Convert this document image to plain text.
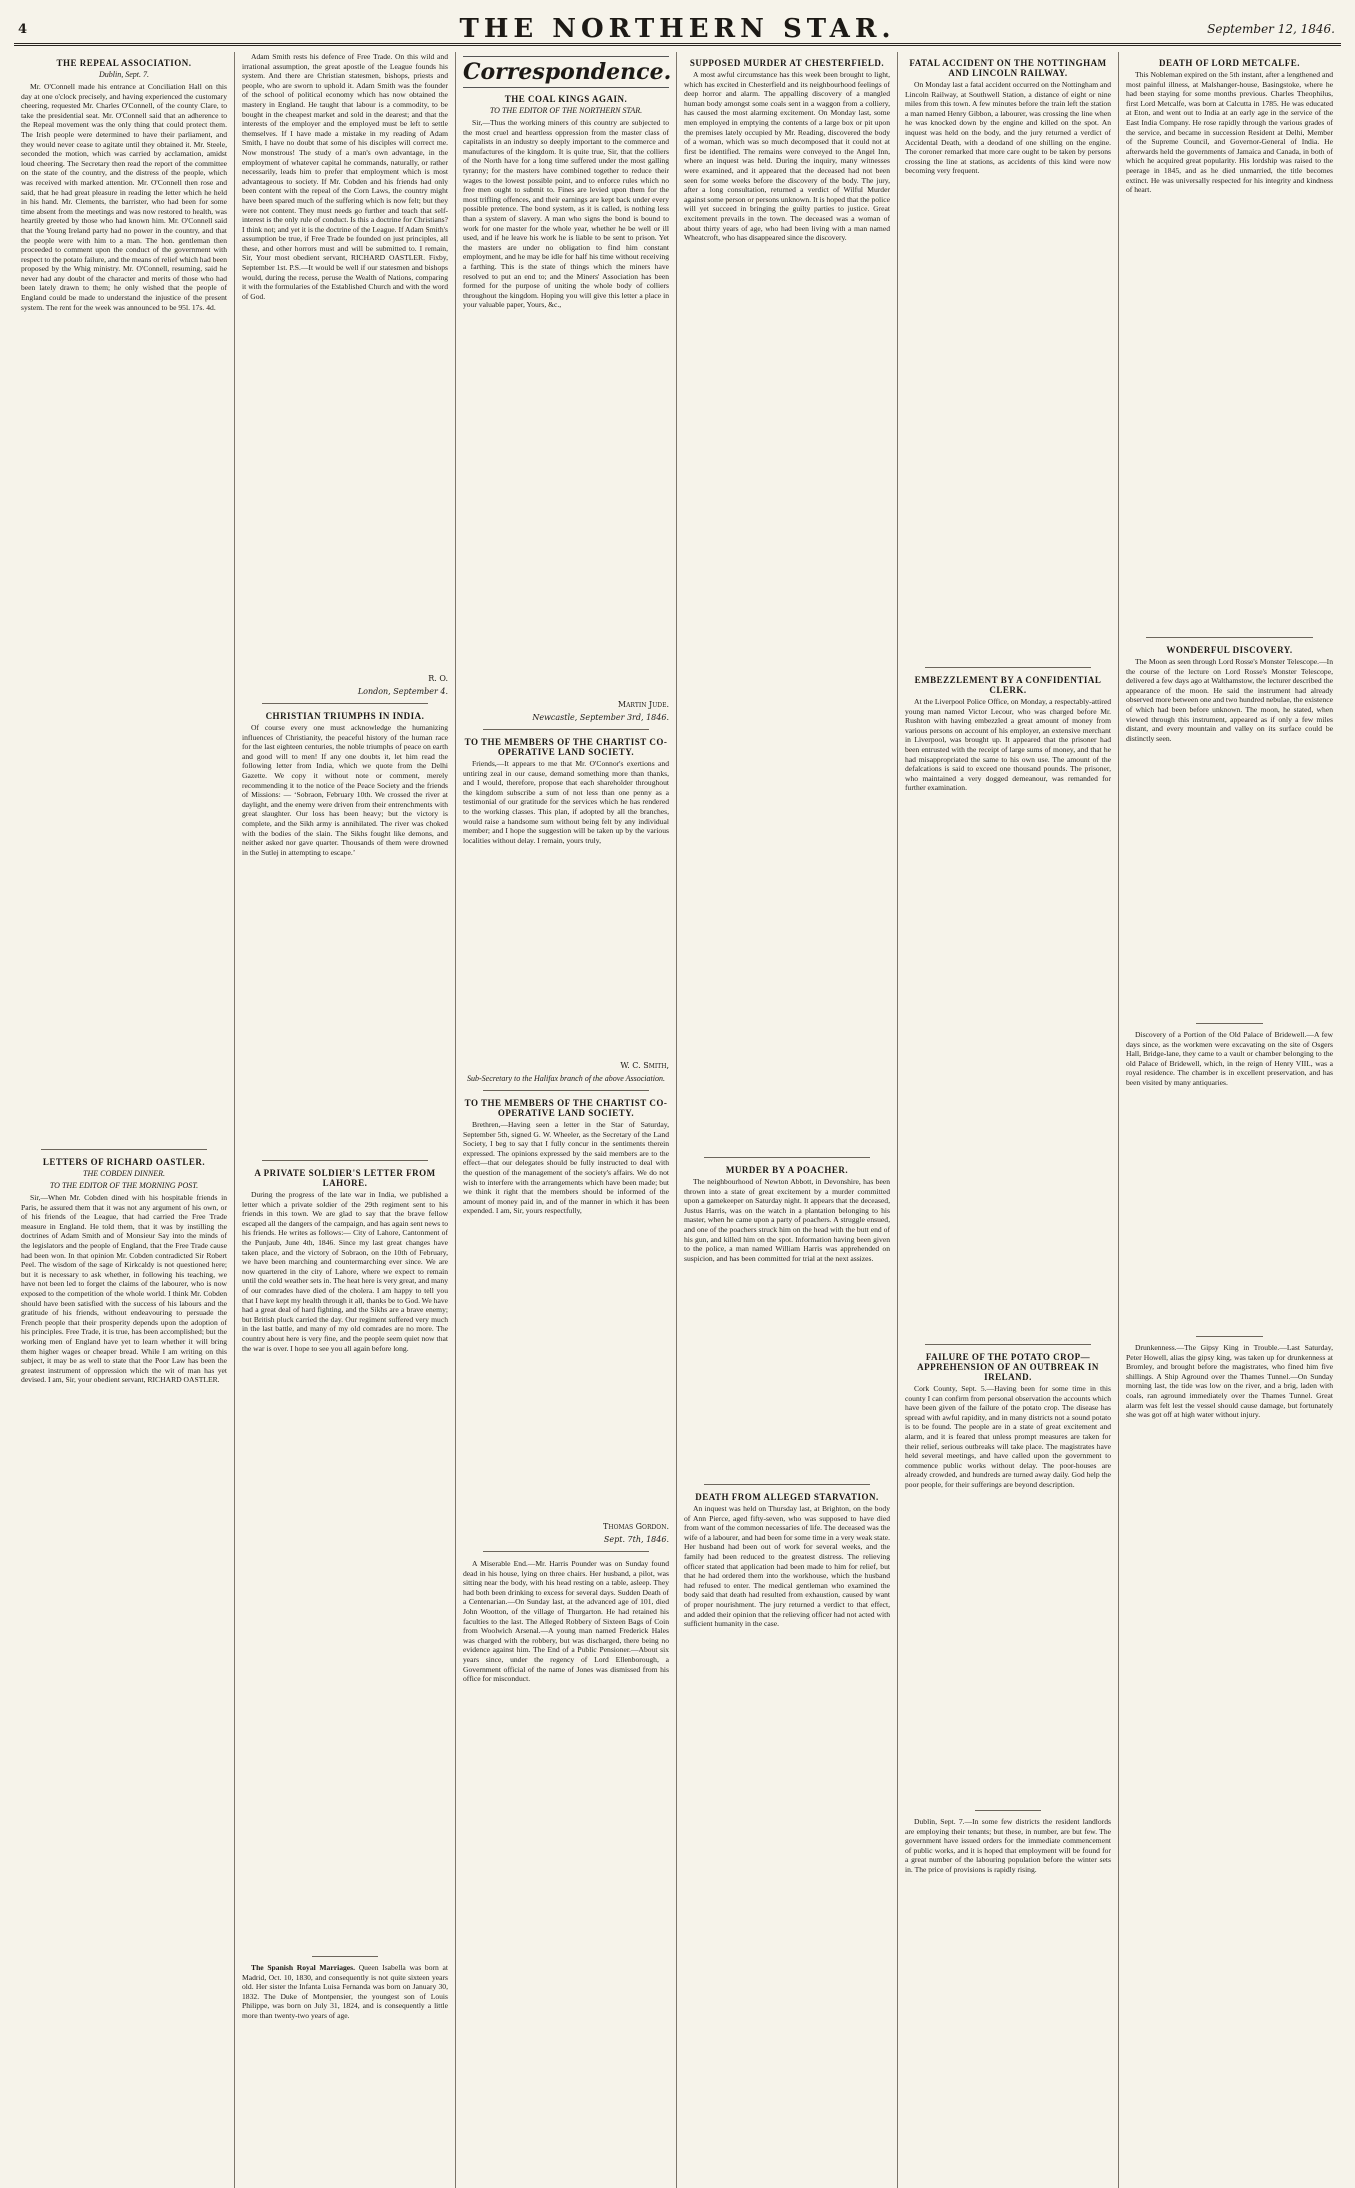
4	THE NORTHERN STAR.	September 12, 1846.
THE REPEAL ASSOCIATION.
Dublin, Sept. 7.

Mr. O'Connell made his entrance at Conciliation Hall on this day at one o'clock precisely, and having experienced the customary cheering, requested Mr. Charles O'Connell, of the county Clare, to take the presidential seat. Mr. O'Connell said that an adherence to the Repeal movement was the only thing that could protect them. The Irish people were determined to have their parliament, and they would never cease to agitate until they obtained it. Mr. Steele, seconded the motion, which was carried by acclamation, amidst loud cheering. The Secretary then read the report of the committee on the state of the country, and the distress of the people, which was received with marked attention. Mr. O'Connell then rose and said, that he had great pleasure in reading the letter which he held in his hand. Mr. Clements, the barrister, who had been for some time absent from the meetings and was now restored to health, was heartily greeted by those who had known him. Mr. O'Connell said that the Young Ireland party had no power in the country, and that the people were with him to a man. The hon. gentleman then proceeded to comment upon the conduct of the government with respect to the potato failure, and the means of relief which had been proposed by the Whig ministry. Mr. O'Connell, resuming, said he never had any doubt of the character and merits of those who had been lately drawn to them; he only wished that the people of England could be made to understand the injustice of the present system. The rent for the week was announced to be 95l. 17s. 4d.

LETTERS OF RICHARD OASTLER.
THE COBDEN DINNER.
TO THE EDITOR OF THE MORNING POST.

Sir,—When Mr. Cobden dined with his hospitable friends in Paris, he assured them that it was not any argument of his own, or of his friends of the League, that had carried the Free Trade measure in England. He told them, that it was by instilling the doctrines of Adam Smith and of Monsieur Say into the minds of the legislators and the people of England, that the Free Trade cause had been won. In that opinion Mr. Cobden contradicted Sir Robert Peel. The wisdom of the sage of Kirkcaldy is not questioned here; but it is necessary to ask whether, in following his teaching, we have not been led to forget the claims of the labourer, who is now exposed to the competition of the whole world. I think Mr. Cobden should have been satisfied with the success of his labours and the gratitude of his friends, without endeavouring to persuade the French people that their prosperity depends upon the adoption of his principles. Free Trade, it is true, has been accomplished; but the working men of England have yet to learn whether it will bring them higher wages or cheaper bread. While I am writing on this subject, it may be as well to state that the Poor Law has been the greatest instrument of oppression which the wit of man has yet devised. I am, Sir, your obedient servant, RICHARD OASTLER.

Adam Smith rests his defence of Free Trade. On this wild and irrational assumption, the great apostle of the League founds his system. And there are Christian statesmen, bishops, priests and people, who are sworn to uphold it. Adam Smith was the founder of the school of political economy which has now obtained the mastery in England. He taught that labour is a commodity, to be bought in the cheapest market and sold in the dearest; and that the interests of the employer and the employed must be left to settle themselves. If I have made a mistake in my reading of Adam Smith, I have no doubt that some of his disciples will correct me. Now monstrous! The study of a man's own advantage, in the employment of whatever capital he commands, naturally, or rather necessarily, leads him to prefer that employment which is most advantageous to society. If Mr. Cobden and his friends had only been content with the repeal of the Corn Laws, the country might have been spared much of the suffering which is now felt; but they were not content. They must needs go further and teach that self-interest is the only rule of conduct. Is this a doctrine for Christians? I think not; and yet it is the doctrine of the League. If Adam Smith's assumption be true, if Free Trade be founded on just principles, all these, and other horrors must and will be submitted to. I remain, Sir, Your most obedient servant, RICHARD OASTLER. Fixby, September 1st. P.S.—It would be well if our statesmen and bishops would, during the recess, peruse the Wealth of Nations, comparing it with the formularies of the Established Church and with the word of God.

R. O.
London, September 4.
CHRISTIAN TRIUMPHS IN INDIA.

Of course every one must acknowledge the humanizing influences of Christianity, the peaceful history of the human race for the last eighteen centuries, the noble triumphs of peace on earth and good will to men! If any one doubts it, let him read the following letter from India, which we quote from the Delhi Gazette. We copy it without note or comment, merely recommending it to the notice of the Peace Society and the friends of Missions: — ‘Sobraon, February 10th. We crossed the river at daylight, and the enemy were driven from their entrenchments with great slaughter. Our loss has been heavy; but the victory is complete, and the Sikh army is annihilated. The river was choked with the bodies of the slain. The Sikhs fought like demons, and neither asked nor gave quarter. Thousands of them were drowned in the Sutlej in attempting to escape.’

A PRIVATE SOLDIER'S LETTER FROM LAHORE.

During the progress of the late war in India, we published a letter which a private soldier of the 29th regiment sent to his friends in this town. We are glad to say that the brave fellow escaped all the dangers of the campaign, and has again sent news to his friends. He writes as follows:— City of Lahore, Cantonment of the Punjaub, June 4th, 1846. Since my last great changes have taken place, and the victory of Sobraon, on the 10th of February, we have been marching and countermarching ever since. We are now quartered in the city of Lahore, where we expect to remain until the cold weather sets in. The heat here is very great, and many of our comrades have died of the cholera. I am happy to tell you that I have kept my health through it all, thanks be to God. We have had a great deal of hard fighting, and the Sikhs are a brave enemy; but British pluck carried the day. Our regiment suffered very much in the last battle, and many of my old comrades are no more. The country about here is very fine, and the people seem quiet now that the war is over. I hope to see you all again before long.

The Spanish Royal Marriages. Queen Isabella was born at Madrid, Oct. 10, 1830, and consequently is not quite sixteen years old. Her sister the Infanta Luisa Fernanda was born on January 30, 1832. The Duke of Montpensier, the youngest son of Louis Philippe, was born on July 31, 1824, and is consequently a little more than twenty-two years of age.

Correspondence.
THE COAL KINGS AGAIN.
TO THE EDITOR OF THE NORTHERN STAR.

Sir,—Thus the working miners of this country are subjected to the most cruel and heartless oppression from the master class of capitalists in an industry so deeply important to the commerce and manufactures of the kingdom. It is quite true, Sir, that the colliers of the North have for a long time suffered under the most galling tyranny; for the masters have combined together to reduce their wages to the lowest possible point, and to enforce rules which no free men ought to submit to. Fines are levied upon them for the most trifling offences, and their earnings are kept back under every possible pretence. The bond system, as it is called, is nothing less than a system of slavery. A man who signs the bond is bound to work for one master for the whole year, whether he be well or ill used, and if he leave his work he is liable to be sent to prison. Yet the masters are under no obligation to find him constant employment, and he may be idle for half his time without receiving a farthing. This is the state of things which the miners have resolved to put an end to; and the Miners' Association has been formed for the purpose of uniting the whole body of colliers throughout the kingdom. Hoping you will give this letter a place in your valuable paper, Yours, &c.,

Martin Jude.
Newcastle, September 3rd, 1846.
TO THE MEMBERS OF THE CHARTIST CO-OPERATIVE LAND SOCIETY.

Friends,—It appears to me that Mr. O'Connor's exertions and untiring zeal in our cause, demand something more than thanks, and I would, therefore, propose that each shareholder throughout the kingdom subscribe a sum of not less than one penny as a testimonial of our gratitude for the services which he has rendered to the working classes. This plan, if adopted by all the branches, would raise a handsome sum without being felt by any individual member; and I hope the suggestion will be taken up by the various localities without delay. I remain, yours truly,

W. C. Smith,
Sub-Secretary to the Halifax branch of the above Association.
TO THE MEMBERS OF THE CHARTIST CO-OPERATIVE LAND SOCIETY.

Brethren,—Having seen a letter in the Star of Saturday, September 5th, signed G. W. Wheeler, as the Secretary of the Land Society, I beg to say that I fully concur in the sentiments therein expressed. The opinions expressed by the said members are to the effect—that our delegates should be fully instructed to deal with the question of the management of the society's affairs. We do not wish to interfere with the arrangements which have been made; but we think it right that the members should be informed of the amount of money paid in, and of the manner in which it has been expended. I am, Sir, yours respectfully,

Thomas Gordon.
Sept. 7th, 1846.

A Miserable End.—Mr. Harris Pounder was on Sunday found dead in his house, lying on three chairs. Her husband, a pilot, was sitting near the body, with his head resting on a table, asleep. They had both been drinking to excess for several days. Sudden Death of a Centenarian.—On Sunday last, at the advanced age of 101, died John Wootton, of the village of Thurgarton. He had retained his faculties to the last. The Alleged Robbery of Sixteen Bags of Coin from Woolwich Arsenal.—A young man named Frederick Hales was charged with the robbery, but was discharged, there being no evidence against him. The End of a Public Pensioner.—About six years since, under the regency of Lord Ellenborough, a Government official of the name of Jones was dismissed from his office for misconduct.

SUPPOSED MURDER AT CHESTERFIELD.

A most awful circumstance has this week been brought to light, which has excited in Chesterfield and its neighbourhood feelings of deep horror and alarm. The appalling discovery of a mangled human body amongst some coals sent in a waggon from a colliery, has caused the most alarming excitement. On Monday last, some men employed in emptying the contents of a large box or pit upon the premises lately occupied by Mr. Reading, discovered the body of a woman, which was so much decomposed that it could not at first be identified. The remains were conveyed to the Angel Inn, where an inquest was held. During the inquiry, many witnesses were examined, and it appeared that the deceased had not been seen for some weeks before the discovery of the body. The jury, after a long consultation, returned a verdict of Wilful Murder against some person or persons unknown. It is hoped that the police will yet succeed in bringing the guilty parties to justice. Great excitement prevails in the town. The deceased was a woman of about thirty years of age, who had been living with a man named Wheatcroft, who has disappeared since the discovery.

MURDER BY A POACHER.

The neighbourhood of Newton Abbott, in Devonshire, has been thrown into a state of great excitement by a murder committed upon a gamekeeper on Saturday night. It appears that the deceased, Justus Harris, was on the watch in a plantation belonging to his master, when he came upon a party of poachers. A struggle ensued, and one of the poachers struck him on the head with the butt end of his gun, and killed him on the spot. Information having been given to the police, a man named William Harris was apprehended on suspicion, and has been committed for trial at the next assizes.

DEATH FROM ALLEGED STARVATION.

An inquest was held on Thursday last, at Brighton, on the body of Ann Pierce, aged fifty-seven, who was supposed to have died from want of the common necessaries of life. The deceased was the wife of a labourer, and had been for some time in a very weak state. Her husband had been out of work for several weeks, and the family had been reduced to the greatest distress. The relieving officer stated that application had been made to him for relief, but that he had ordered them into the workhouse, which the husband had refused to enter. The medical gentleman who examined the body said that death had resulted from exhaustion, caused by want of proper nourishment. The jury returned a verdict to that effect, and added their opinion that the relieving officer had not acted with sufficient humanity in the case.

FATAL ACCIDENT ON THE NOTTINGHAM AND LINCOLN RAILWAY.

On Monday last a fatal accident occurred on the Nottingham and Lincoln Railway, at Southwell Station, a distance of eight or nine miles from this town. A few minutes before the train left the station a man named Henry Gibbon, a labourer, was crossing the line when he was knocked down by the engine and killed on the spot. An inquest was held on the body, and the jury returned a verdict of Accidental Death, with a deodand of one shilling on the engine. The coroner remarked that more care ought to be taken by persons crossing the line at stations, as accidents of this kind were now becoming very frequent.

EMBEZZLEMENT BY A CONFIDENTIAL CLERK.

At the Liverpool Police Office, on Monday, a respectably-attired young man named Victor Lecour, who was charged before Mr. Rushton with having embezzled a great amount of money from various persons on account of his employer, an extensive merchant in Liverpool, was brought up. It appeared that the prisoner had been entrusted with the receipt of large sums of money, and that he had misappropriated the same to his own use. The amount of the defalcations is said to exceed one thousand pounds. The prisoner, who maintained a very dogged demeanour, was remanded for further examination.

FAILURE OF THE POTATO CROP—APPREHENSION OF AN OUTBREAK IN IRELAND.

Cork County, Sept. 5.—Having been for some time in this county I can confirm from personal observation the accounts which have been given of the failure of the potato crop. The disease has spread with awful rapidity, and in many districts not a sound potato is to be found. The people are in a state of great excitement and alarm, and it is feared that unless prompt measures are taken for their relief, serious outbreaks will take place. The magistrates have held several meetings, and have called upon the government to commence public works without delay. The poor-houses are already crowded, and hundreds are turned away daily. God help the poor people, for their sufferings are beyond description.

Dublin, Sept. 7.—In some few districts the resident landlords are employing their tenants; but these, in number, are but few. The government have issued orders for the immediate commencement of public works, and it is hoped that employment will be found for a great number of the labouring population before the winter sets in. The price of provisions is rapidly rising.

DEATH OF LORD METCALFE.

This Nobleman expired on the 5th instant, after a lengthened and most painful illness, at Malshanger-house, Basingstoke, where he had been staying for some months previous. Charles Theophilus, first Lord Metcalfe, was born at Calcutta in 1785. He was educated at Eton, and went out to India at an early age in the service of the East India Company. He rose rapidly through the various grades of the service, and became in succession Resident at Delhi, Member of the Supreme Council, and Governor-General of India. He afterwards held the governments of Jamaica and Canada, in both of which he acquired great popularity. His lordship was raised to the peerage in 1845, and as he died unmarried, the title becomes extinct. He was universally respected for his integrity and kindness of heart.

WONDERFUL DISCOVERY.

The Moon as seen through Lord Rosse's Monster Telescope.—In the course of the lecture on Lord Rosse's Monster Telescope, delivered a few days ago at Walthamstow, the lecturer described the appearance of the moon. He said the instrument had already observed more between one and two hundred nebulae, the existence of which had been before unknown. The moon, he stated, when viewed through this instrument, appeared as if only a few miles distant, and every mountain and valley on its surface could be distinctly seen.

Discovery of a Portion of the Old Palace of Bridewell.—A few days since, as the workmen were excavating on the site of Osgers Hall, Bridge-lane, they came to a vault or chamber belonging to the old Palace of Bridewell, which, in the reign of Henry VIII., was a royal residence. The chamber is in excellent preservation, and has been visited by many antiquaries.

Drunkenness.—The Gipsy King in Trouble.—Last Saturday, Peter Howell, alias the gipsy king, was taken up for drunkenness at Bromley, and brought before the magistrates, who fined him five shillings. A Ship Aground over the Thames Tunnel.—On Sunday morning last, the tide was low on the river, and a brig, laden with coals, ran aground immediately over the Thames Tunnel. Great alarm was felt lest the vessel should cause damage, but fortunately she was got off at high water without injury.
